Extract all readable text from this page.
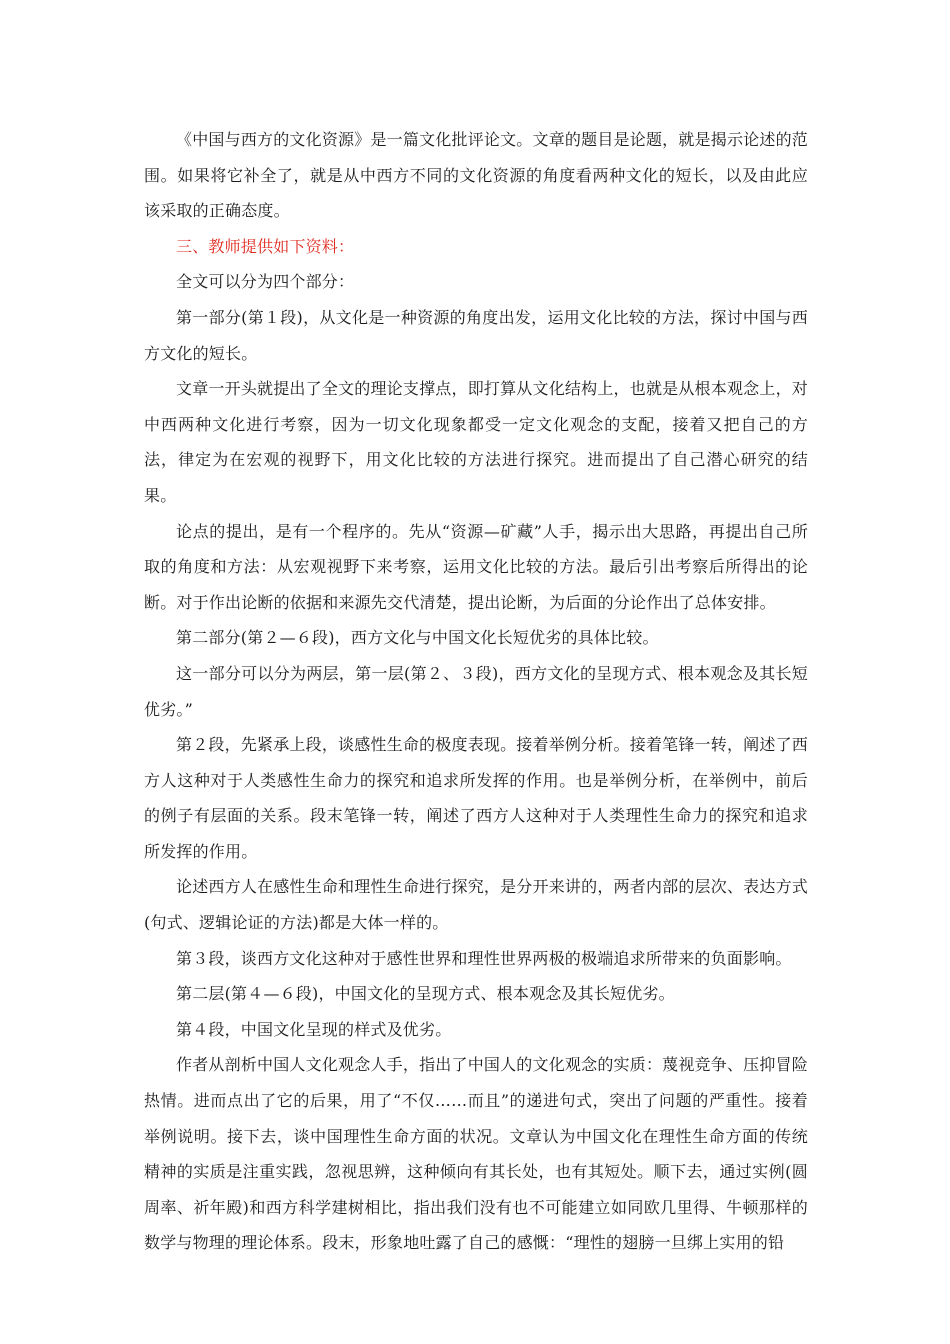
《中国与西方的文化资源》是一篇文化批评论文。文章的题目是论题，就是揭示论述的范围。如果将它补全了，就是从中西方不同的文化资源的角度看两种文化的短长，以及由此应该采取的正确态度。

三、教师提供如下资料：

全文可以分为四个部分：

第一部分(第１段)，从文化是一种资源的角度出发，运用文化比较的方法，探讨中国与西方文化的短长。

文章一开头就提出了全文的理论支撑点，即打算从文化结构上，也就是从根本观念上，对中西两种文化进行考察，因为一切文化现象都受一定文化观念的支配，接着又把自己的方法，律定为在宏观的视野下，用文化比较的方法进行探究。进而提出了自己潜心研究的结果。

论点的提出，是有一个程序的。先从“资源—矿藏”人手，揭示出大思路，再提出自己所取的角度和方法：从宏观视野下来考察，运用文化比较的方法。最后引出考察后所得出的论断。对于作出论断的依据和来源先交代清楚，提出论断，为后面的分论作出了总体安排。

第二部分(第２—６段)，西方文化与中国文化长短优劣的具体比较。

这一部分可以分为两层，第一层(第２、３段)，西方文化的呈现方式、根本观念及其长短优劣。”

第２段，先紧承上段，谈感性生命的极度表现。接着举例分析。接着笔锋一转，阐述了西方人这种对于人类感性生命力的探究和追求所发挥的作用。也是举例分析，在举例中，前后的例子有层面的关系。段末笔锋一转，阐述了西方人这种对于人类理性生命力的探究和追求所发挥的作用。

论述西方人在感性生命和理性生命进行探究，是分开来讲的，两者内部的层次、表达方式(句式、逻辑论证的方法)都是大体一样的。

第３段，谈西方文化这种对于感性世界和理性世界两极的极端追求所带来的负面影响。

第二层(第４—６段)，中国文化的呈现方式、根本观念及其长短优劣。

第４段，中国文化呈现的样式及优劣。

作者从剖析中国人文化观念人手，指出了中国人的文化观念的实质：蔑视竞争、压抑冒险热情。进而点出了它的后果，用了“不仅……而且”的递进句式，突出了问题的严重性。接着举例说明。接下去，谈中国理性生命方面的状况。文章认为中国文化在理性生命方面的传统精神的实质是注重实践，忽视思辨，这种倾向有其长处，也有其短处。顺下去，通过实例(圆周率、祈年殿)和西方科学建树相比，指出我们没有也不可能建立如同欧几里得、牛顿那样的数学与物理的理论体系。段末，形象地吐露了自己的感慨：“理性的翅膀一旦绑上实用的铅
